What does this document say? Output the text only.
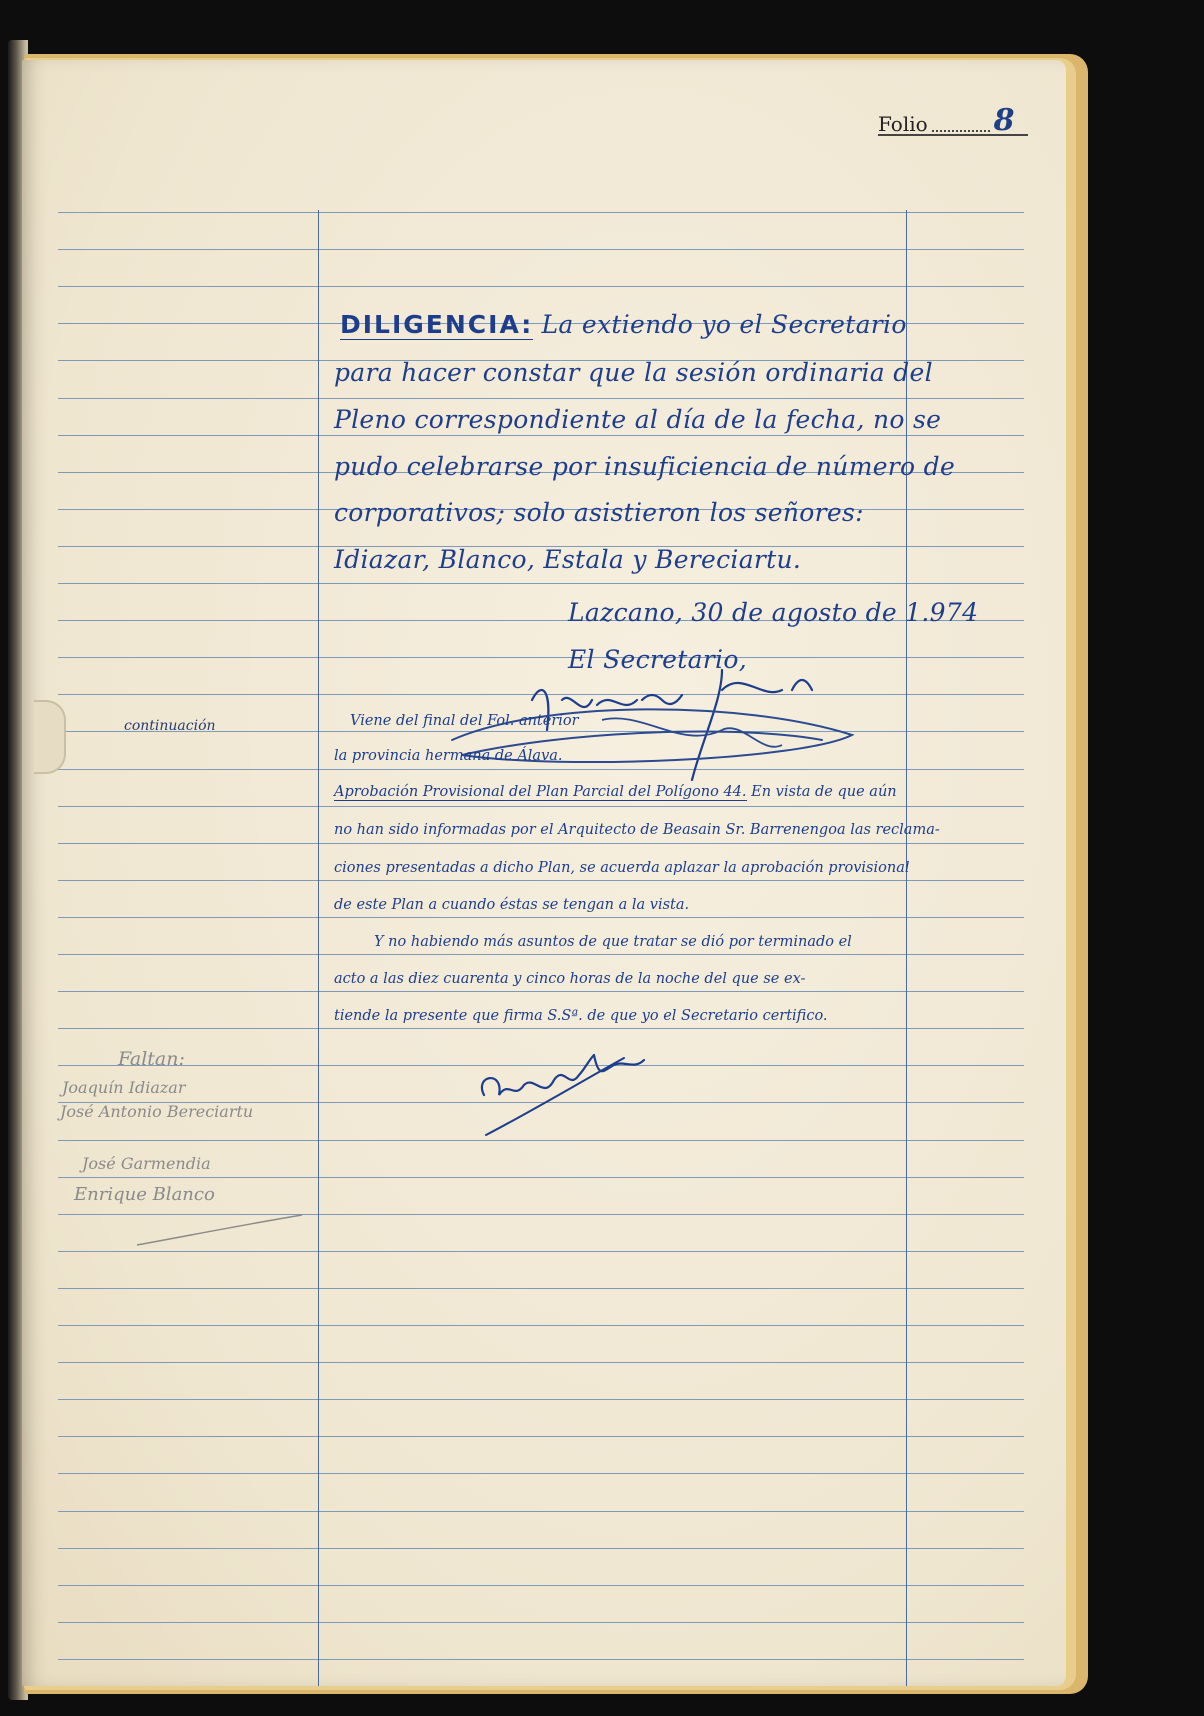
Folio 8
DILIGENCIA: La extiendo yo el Secretario
para hacer constar que la sesión ordinaria del
Pleno correspondiente al día de la fecha, no se
pudo celebrarse por insuficiencia de número de
corporativos; solo asistieron los señores:
Idiazar, Blanco, Estala y Bereciartu.
Lazcano, 30 de agosto de 1.974
El Secretario,
continuación	Viene del final del Fol. anterior
la provincia hermana de Álava.
Aprobación Provisional del Plan Parcial del Polígono 44. En vista de que aún
no han sido informadas por el Arquitecto de Beasain Sr. Barrenengoa las reclama-
ciones presentadas a dicho Plan, se acuerda aplazar la aprobación provisional
de este Plan a cuando éstas se tengan a la vista.
Y no habiendo más asuntos de que tratar se dió por terminado el
acto a las diez cuarenta y cinco horas de la noche del que se ex-
tiende la presente que firma S.Sª. de que yo el Secretario certifico.
Faltan:
Joaquín Idiazar
José Antonio Bereciartu
José Garmendia
Enrique Blanco
